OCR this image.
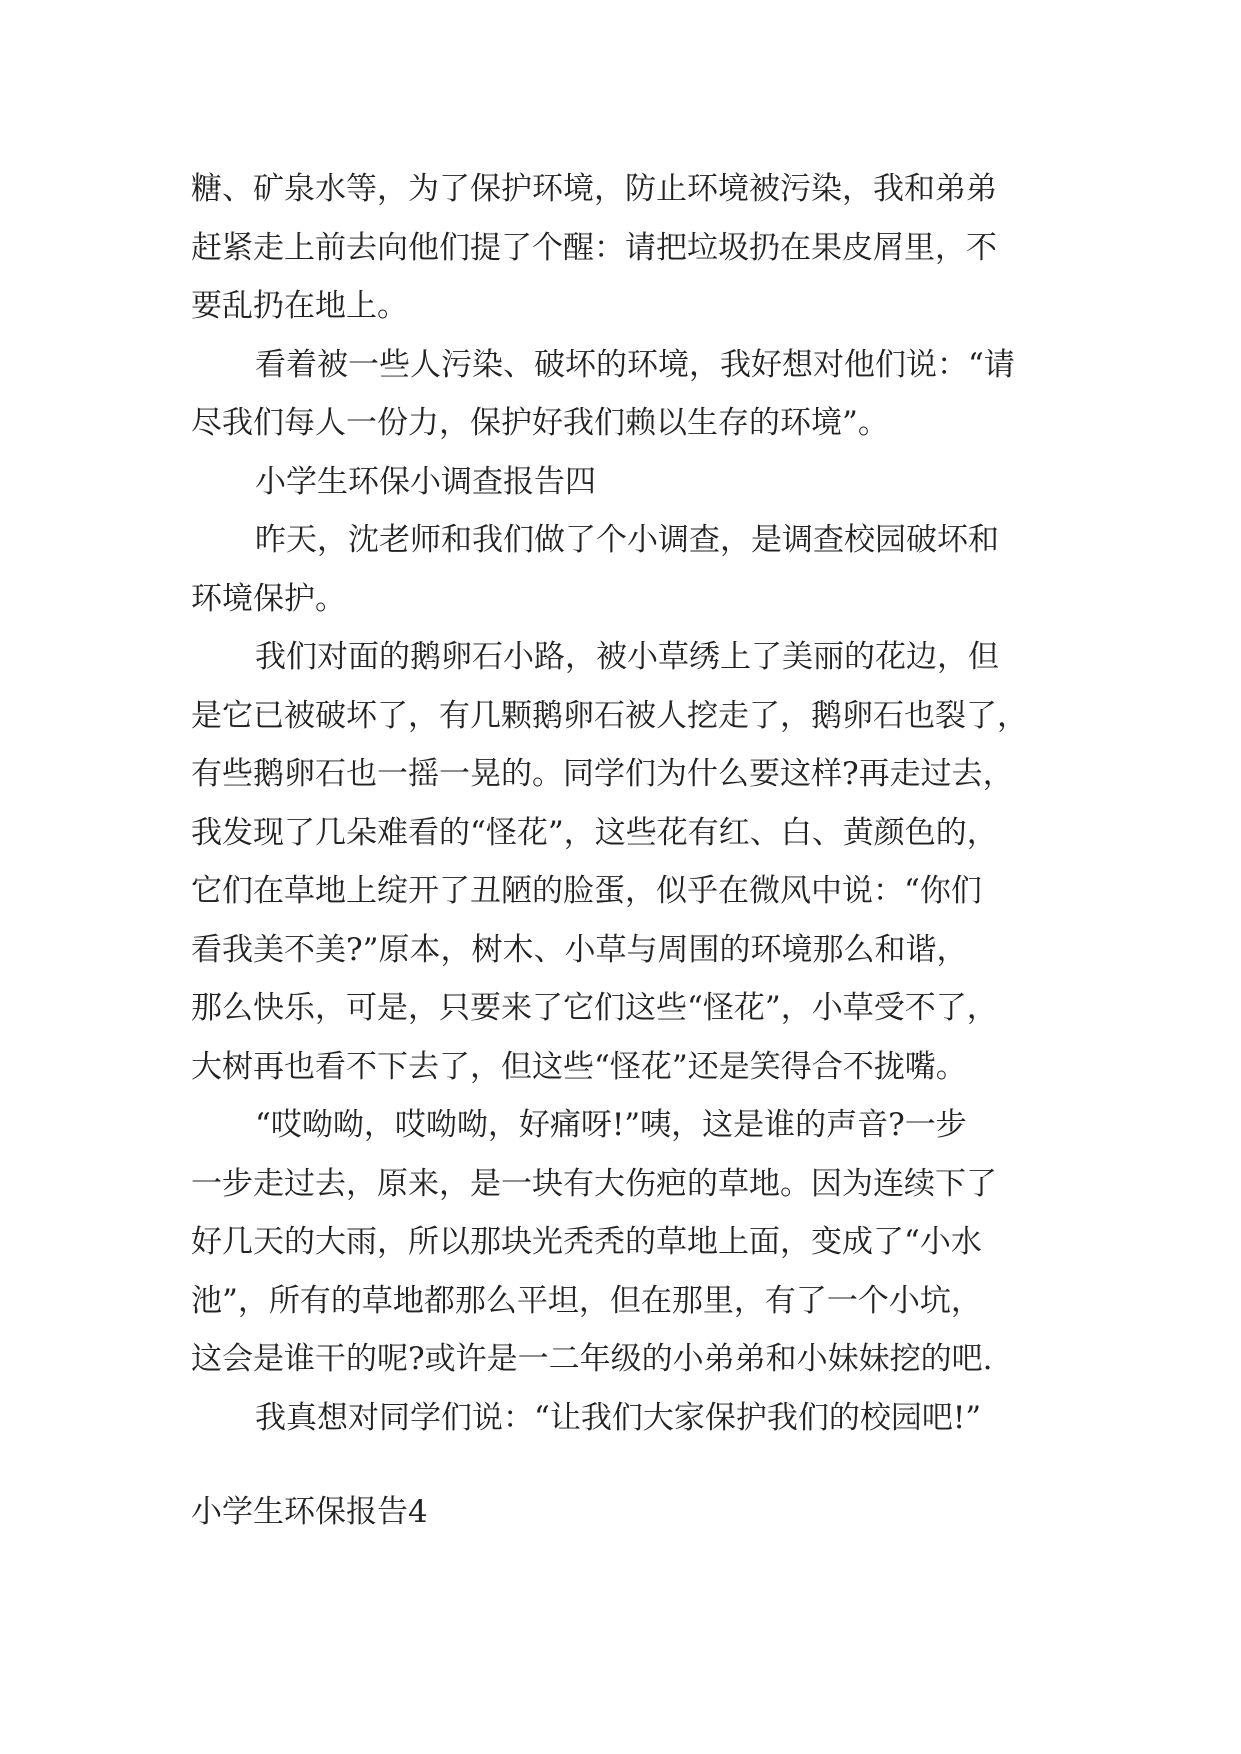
糖、矿泉水等，为了保护环境，防止环境被污染，我和弟弟
赶紧走上前去向他们提了个醒：请把垃圾扔在果皮屑里，不
要乱扔在地上。
看着被一些人污染、破坏的环境，我好想对他们说：“请
尽我们每人一份力，保护好我们赖以生存的环境”。
小学生环保小调查报告四
昨天，沈老师和我们做了个小调查，是调查校园破坏和
环境保护。
我们对面的鹅卵石小路，被小草绣上了美丽的花边，但
是它已被破坏了，有几颗鹅卵石被人挖走了，鹅卵石也裂了，
有些鹅卵石也一摇一晃的。同学们为什么要这样?再走过去，
我发现了几朵难看的“怪花”，这些花有红、白、黄颜色的，
它们在草地上绽开了丑陋的脸蛋，似乎在微风中说：“你们
看我美不美?”原本，树木、小草与周围的环境那么和谐，
那么快乐，可是，只要来了它们这些“怪花”，小草受不了，
大树再也看不下去了，但这些“怪花”还是笑得合不拢嘴。
“哎呦呦，哎呦呦，好痛呀!”咦，这是谁的声音?一步
一步走过去，原来，是一块有大伤疤的草地。因为连续下了
好几天的大雨，所以那块光秃秃的草地上面，变成了“小水
池”，所有的草地都那么平坦，但在那里，有了一个小坑，
这会是谁干的呢?或许是一二年级的小弟弟和小妹妹挖的吧.
我真想对同学们说：“让我们大家保护我们的校园吧!”
小学生环保报告4
